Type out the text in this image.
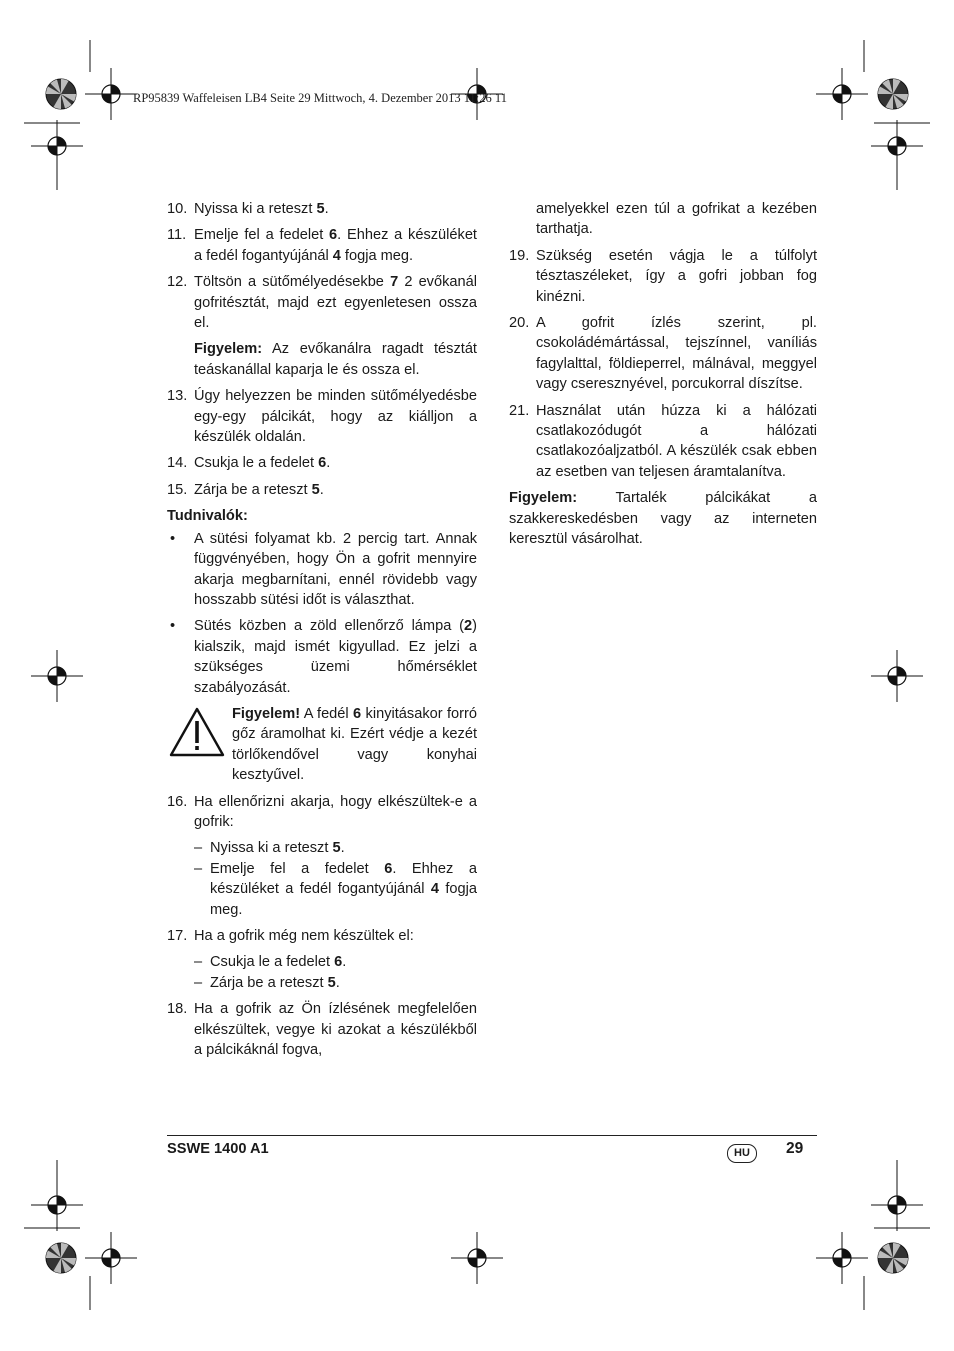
RP95839 Waffeleisen LB4 Seite 29 Mittwoch, 4. Dezember 2013 11:26 11
10. Nyissa ki a reteszt 5.
11. Emelje fel a fedelet 6. Ehhez a készüléket a fedél fogantyújánál 4 fogja meg.
12. Töltsön a sütőmélyedésekbe 7 2 evőkanál gofritésztát, majd ezt egyenletesen ossza el.
Figyelem: Az evőkanálra ragadt tésztát teáskanállal kaparja le és ossza el.
13. Úgy helyezzen be minden sütőmélyedésbe egy-egy pálcikát, hogy az kiálljon a készülék oldalán.
14. Csukja le a fedelet 6.
15. Zárja be a reteszt 5.
Tudnivalók:
• A sütési folyamat kb. 2 percig tart. Annak függvényében, hogy Ön a gofrit mennyire akarja megbarnítani, ennél rövidebb vagy hosszabb sütési időt is választhat.
• Sütés közben a zöld ellenőrző lámpa (2) kialszik, majd ismét kigyullad. Ez jelzi a szükséges üzemi hőmérséklet szabályozását.
Figyelem! A fedél 6 kinyitásakor forró gőz áramolhat ki. Ezért védje a kezét törlőkendővel vagy konyhai kesztyűvel.
16. Ha ellenőrizni akarja, hogy elkészültek-e a gofrik:
– Nyissa ki a reteszt 5.
– Emelje fel a fedelet 6. Ehhez a készüléket a fedél fogantyújánál 4 fogja meg.
17. Ha a gofrik még nem készültek el:
– Csukja le a fedelet 6.
– Zárja be a reteszt 5.
18. Ha a gofrik az Ön ízlésének megfelelően elkészültek, vegye ki azokat a készülékből a pálcikáknál fogva,
amelyekkel ezen túl a gofrikat a kezében tarthatja.
19. Szükség esetén vágja le a túlfolyt tésztaszéleket, így a gofri jobban fog kinézni.
20. A gofrit ízlés szerint, pl. csokoládémártással, tejszínnel, vaníliás fagylalttal, földieperrel, málnával, meggyel vagy cseresznyével, porcukorral díszítse.
21. Használat után húzza ki a hálózati csatlakozódugót a hálózati csatlakozóaljzatból. A készülék csak ebben az esetben van teljesen áramtalanítva.
Figyelem: Tartalék pálcikákat a szakkereskedésben vagy az interneten keresztül vásárolhat.
SSWE 1400 A1	HU	29
